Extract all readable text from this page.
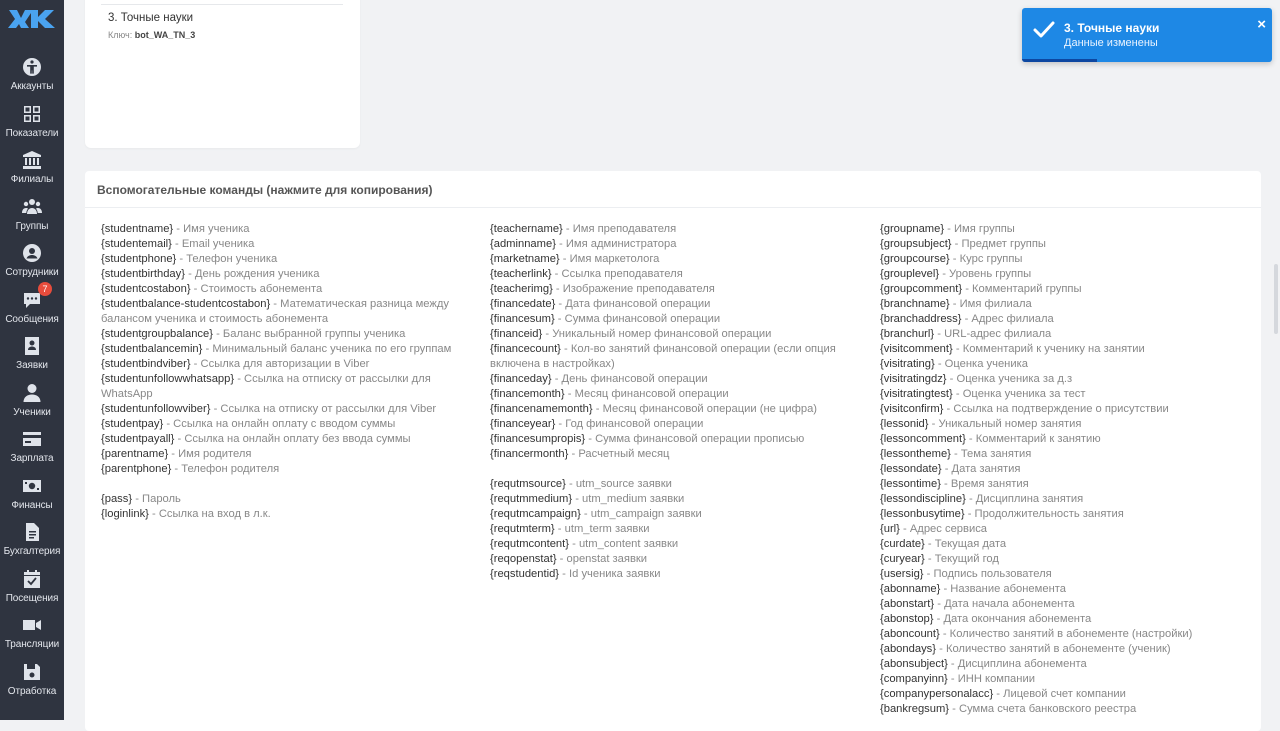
Аккаунты
Показатели
Филиалы
Группы
Сотрудники
7
Сообщения
Заявки
Ученики
Зарплата
Финансы
Бухгалтерия
Посещения
Трансляции
Отработка
3. Точные науки
Ключ: bot_WA_TN_3
Вспомогательные команды (нажмите для копирования)
{studentname} - Имя ученика
{studentemail} - Email ученика
{studentphone} - Телефон ученика
{studentbirthday} - День рождения ученика
{studentcostabon} - Стоимость абонемента
{studentbalance-studentcostabon} - Математическая разница между балансом ученика и стоимость абонемента
{studentgroupbalance} - Баланс выбранной группы ученика
{studentbalancemin} - Минимальный баланс ученика по его группам
{studentbindviber} - Ссылка для авторизации в Viber
{studentunfollowwhatsapp} - Ссылка на отписку от рассылки для WhatsApp
{studentunfollowviber} - Ссылка на отписку от рассылки для Viber
{studentpay} - Ссылка на онлайн оплату с вводом суммы
{studentpayall} - Ссылка на онлайн оплату без ввода суммы
{parentname} - Имя родителя
{parentphone} - Телефон родителя
{pass} - Пароль
{loginlink} - Ссылка на вход в л.к.
{teachername} - Имя преподавателя
{adminname} - Имя администратора
{marketname} - Имя маркетолога
{teacherlink} - Ссылка преподавателя
{teacherimg} - Изображение преподавателя
{financedate} - Дата финансовой операции
{financesum} - Сумма финансовой операции
{financeid} - Уникальный номер финансовой операции
{financecount} - Кол-во занятий финансовой операции (если опция включена в настройках)
{financeday} - День финансовой операции
{financemonth} - Месяц финансовой операции
{financenamemonth} - Месяц финансовой операции (не цифра)
{financeyear} - Год финансовой операции
{financesumpropis} - Сумма финансовой операции прописью
{financermonth} - Расчетный месяц
{requtmsource} - utm_source заявки
{requtmmedium} - utm_medium заявки
{requtmcampaign} - utm_campaign заявки
{requtmterm} - utm_term заявки
{requtmcontent} - utm_content заявки
{reqopenstat} - openstat заявки
{reqstudentid} - Id ученика заявки
{groupname} - Имя группы
{groupsubject} - Предмет группы
{groupcourse} - Курс группы
{grouplevel} - Уровень группы
{groupcomment} - Комментарий группы
{branchname} - Имя филиала
{branchaddress} - Адрес филиала
{branchurl} - URL-адрес филиала
{visitcomment} - Комментарий к ученику на занятии
{visitrating} - Оценка ученика
{visitratingdz} - Оценка ученика за д.з
{visitratingtest} - Оценка ученика за тест
{visitconfirm} - Ссылка на подтверждение о присутствии
{lessonid} - Уникальный номер занятия
{lessoncomment} - Комментарий к занятию
{lessontheme} - Тема занятия
{lessondate} - Дата занятия
{lessontime} - Время занятия
{lessondiscipline} - Дисциплина занятия
{lessonbusytime} - Продолжительность занятия
{url} - Адрес сервиса
{curdate} - Текущая дата
{curyear} - Текущий год
{usersig} - Подпись пользователя
{abonname} - Название абонемента
{abonstart} - Дата начала абонемента
{abonstop} - Дата окончания абонемента
{aboncount} - Количество занятий в абонементе (настройки)
{abondays} - Количество занятий в абонементе (ученик)
{abonsubject} - Дисциплина абонемента
{companyinn} - ИНН компании
{companypersonalacc} - Лицевой счет компании
{bankregsum} - Сумма счета банковского реестра
3. Точные науки
Данные изменены
×
